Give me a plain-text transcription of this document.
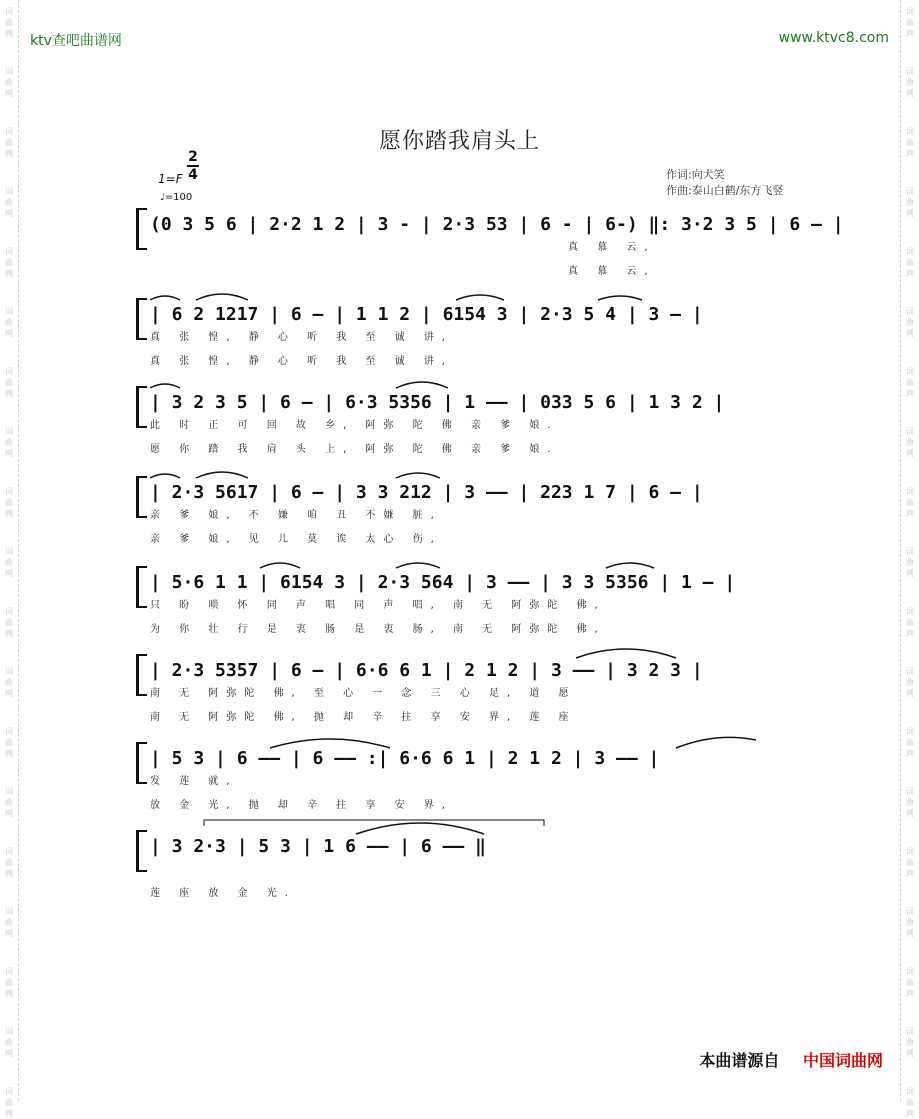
词曲网
词曲网
词曲网
词曲网
词曲网
词曲网
词曲网
词曲网
词曲网
词曲网
词曲网
词曲网
词曲网
词曲网
词曲网
词曲网
词曲网
词曲网
词曲网
词曲网
词曲网
词曲网
词曲网
词曲网
词曲网
词曲网
词曲网
词曲网
词曲网
词曲网
词曲网
词曲网
词曲网
词曲网
词曲网
词曲网
词曲网
词曲网
ktv查吧曲谱网	www.ktvc8.com
愿你踏我肩头上
作词:向犬笑
作曲:泰山白鹤/东方飞竖
2
4
1=F
♩=100
(0 3 5 6 | 2·2 1 2 | 3 - | 2·3 53 | 6 - | 6-) ‖: 3·2 3 5 | 6 — |
真 慕 云,
真 慕 云,
| 6 2 1217 | 6 — | 1 1 2 | 6154 3 | 2·3 5 4 | 3 — |
真 张 惶, 静 心 听 我 至 诚 讲,
真 张 惶, 静 心 听 我 至 诚 讲,
| 3 2 3 5 | 6 — | 6·3 5356 | 1 —— | 033 5 6 | 1 3 2 |
此 时 正 可 回 故 乡, 阿弥 陀 佛 亲 爹 娘.
愿 你 踏 我 肩 头 上, 阿弥 陀 佛 亲 爹 娘.
| 2·3 5617 | 6 — | 3 3 212 | 3 —— | 223 1 7 | 6 — |
亲 爹 娘, 不 嫌 咱 丑 不嫌 脏,
亲 爹 娘, 见 儿 莫 诶 太心 伤,
| 5·6 1 1 | 6154 3 | 2·3 564 | 3 —— | 3 3 5356 | 1 — |
只 盼 唢 怀 同 声 唱 同 声 唱, 南 无 阿弥陀 佛,
为 你 壮 行 是 衷 肠 是 衷 肠, 南 无 阿弥陀 佛,
| 2·3 5357 | 6 — | 6·6 6 1 | 2 1 2 | 3 —— | 3 2 3 |
南 无 阿弥陀 佛, 至 心 一 念 三 心 足, 道 愿
南 无 阿弥陀 佛, 抛 却 辛 拄 享 安 界, 莲 座
| 5 3 | 6 —— | 6 —— :| 6·6 6 1 | 2 1 2 | 3 —— |
发 莲 就,
放 金 光, 抛 却 辛 拄 享 安 界,
| 3 2·3 | 5 3 | 1 6 —— | 6 —— ‖
莲 座 放 金 光.
本曲谱源自 中国词曲网
